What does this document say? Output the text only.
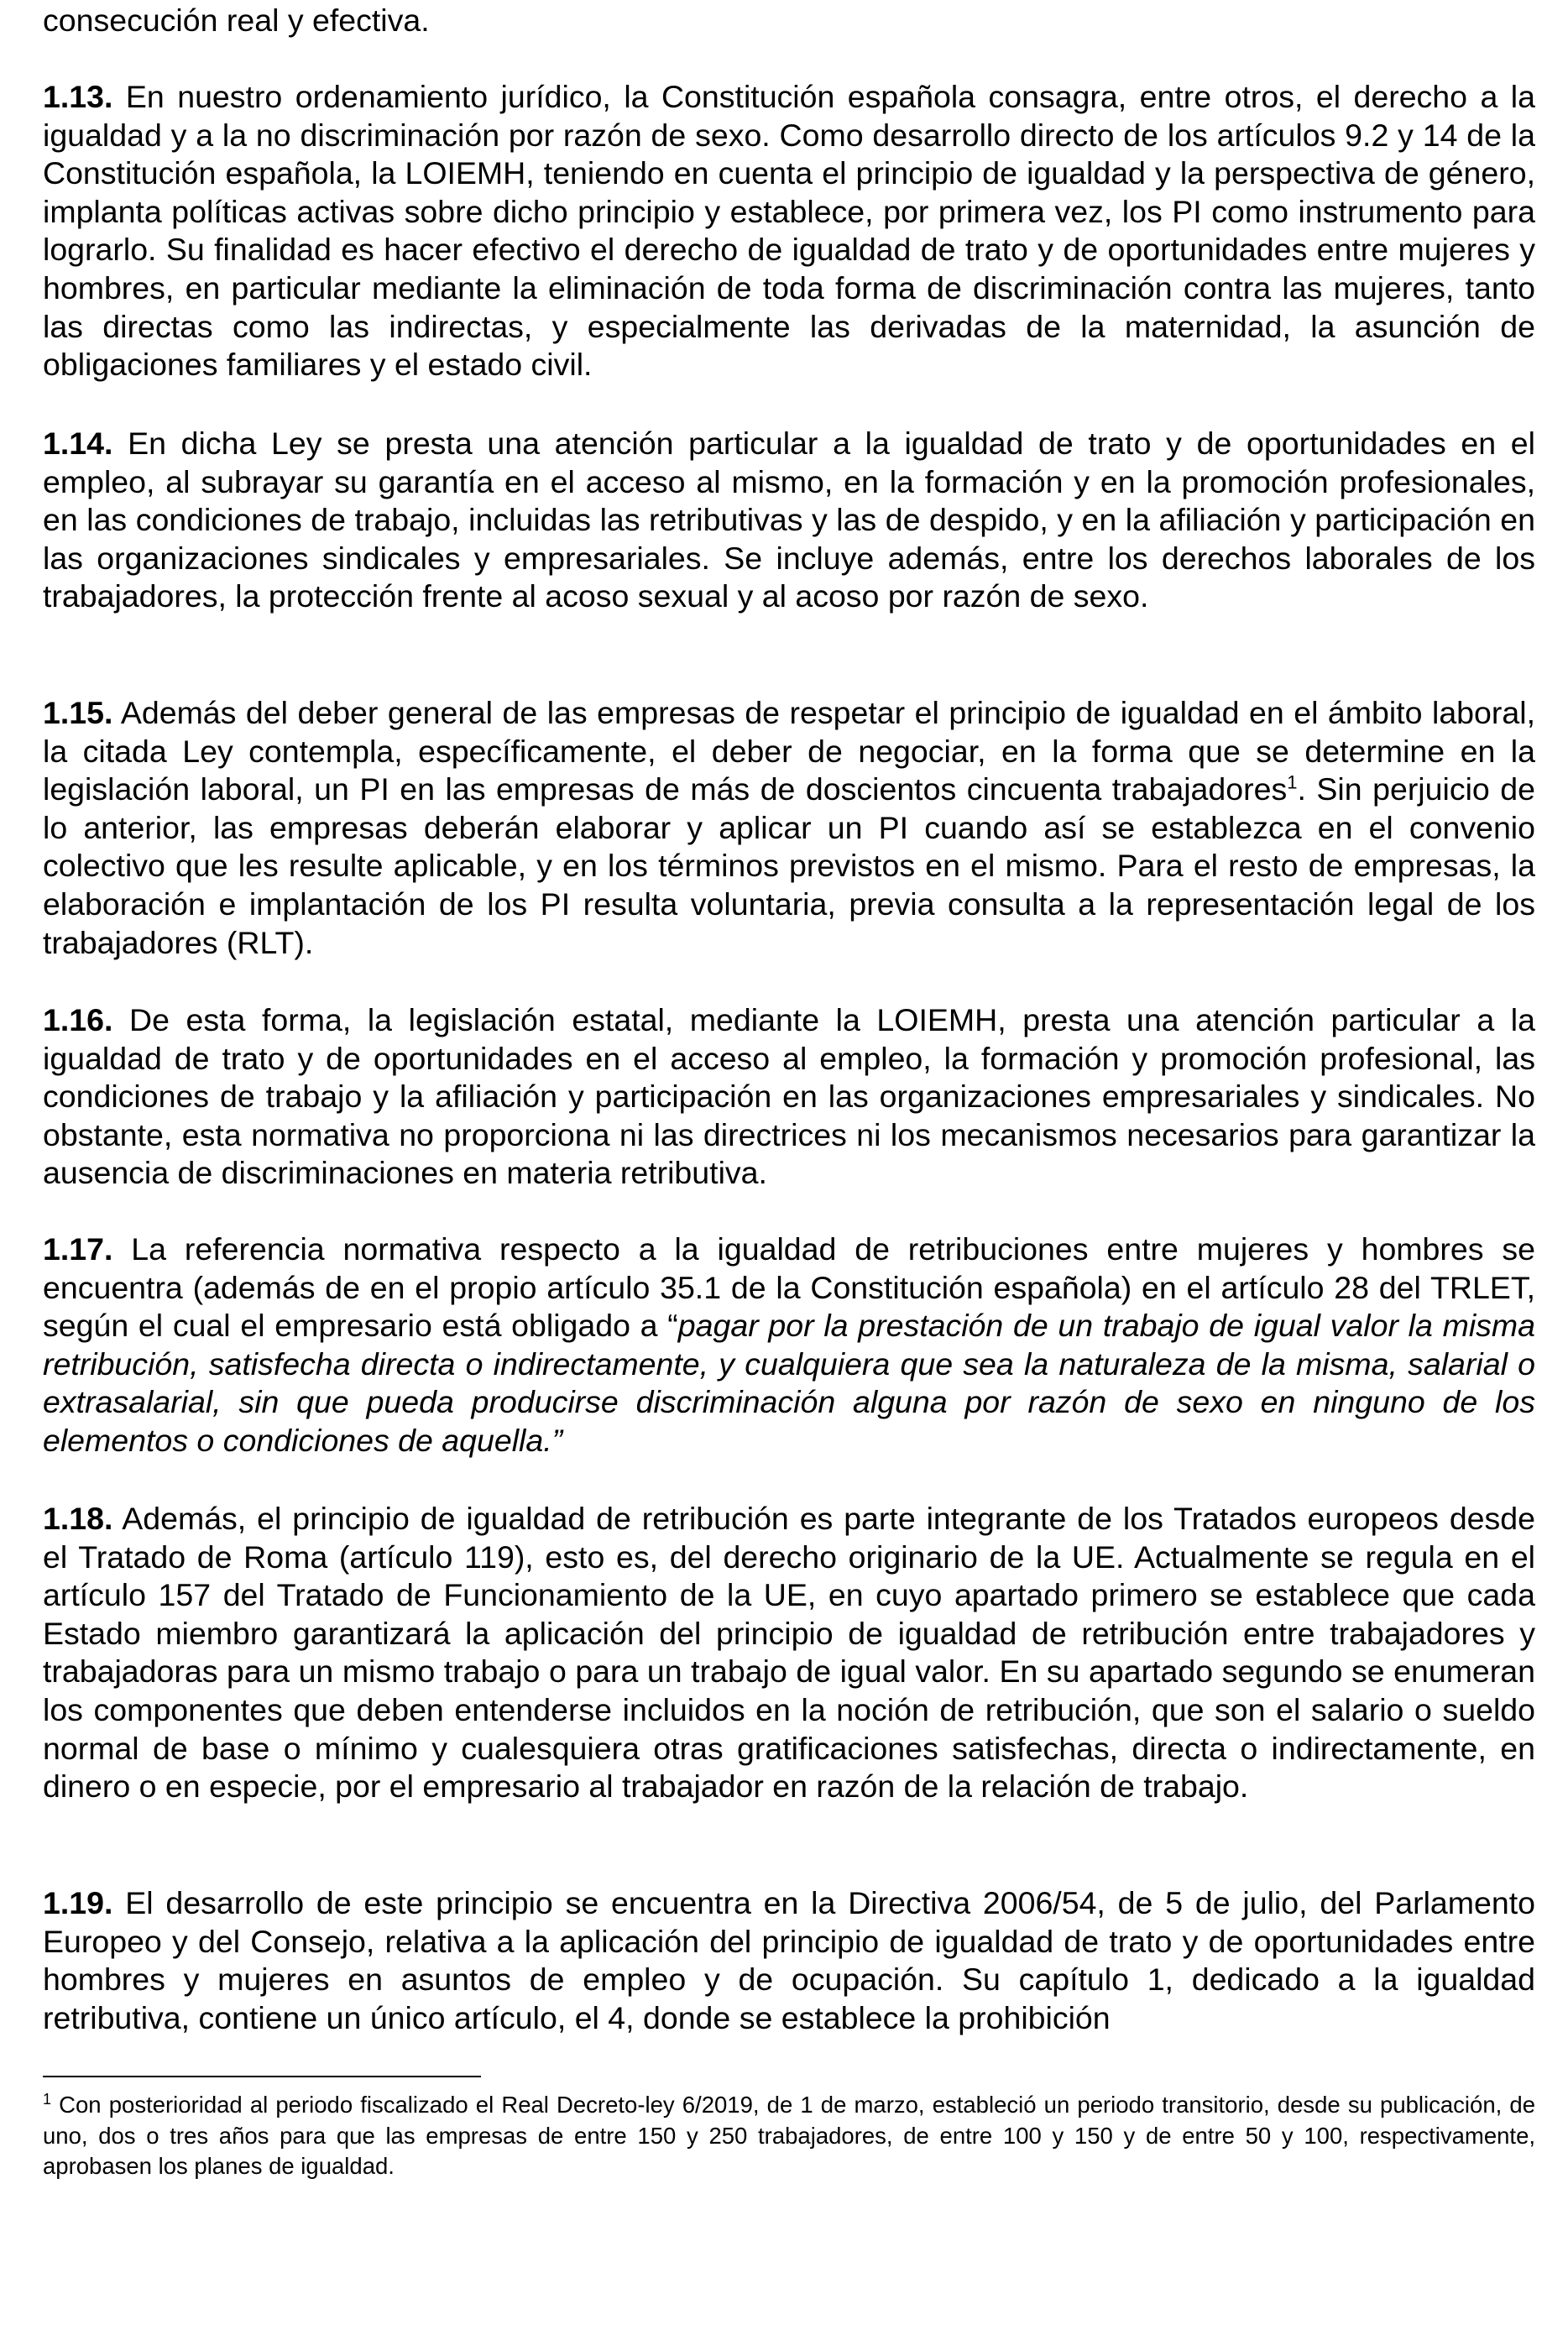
consecución real y efectiva.

1.13. En nuestro ordenamiento jurídico, la Constitución española consagra, entre otros, el derecho a la igualdad y a la no discriminación por razón de sexo. Como desarrollo directo de los artículos 9.2 y 14 de la Constitución española, la LOIEMH, teniendo en cuenta el principio de igualdad y la perspectiva de género, implanta políticas activas sobre dicho principio y establece, por primera vez, los PI como instrumento para lograrlo. Su finalidad es hacer efectivo el derecho de igualdad de trato y de oportunidades entre mujeres y hombres, en particular mediante la eliminación de toda forma de discriminación contra las mujeres, tanto las directas como las indirectas, y especialmente las derivadas de la maternidad, la asunción de obligaciones familiares y el estado civil.

1.14. En dicha Ley se presta una atención particular a la igualdad de trato y de oportunidades en el empleo, al subrayar su garantía en el acceso al mismo, en la formación y en la promoción profesionales, en las condiciones de trabajo, incluidas las retributivas y las de despido, y en la afiliación y participación en las organizaciones sindicales y empresariales. Se incluye además, entre los derechos laborales de los trabajadores, la protección frente al acoso sexual y al acoso por razón de sexo.

1.15. Además del deber general de las empresas de respetar el principio de igualdad en el ámbito laboral, la citada Ley contempla, específicamente, el deber de negociar, en la forma que se determine en la legislación laboral, un PI en las empresas de más de doscientos cincuenta trabajadores$^1$. Sin perjuicio de lo anterior, las empresas deberán elaborar y aplicar un PI cuando así se establezca en el convenio colectivo que les resulte aplicable, y en los términos previstos en el mismo. Para el resto de empresas, la elaboración e implantación de los PI resulta voluntaria, previa consulta a la representación legal de los trabajadores (RLT).

1.16. De esta forma, la legislación estatal, mediante la LOIEMH, presta una atención particular a la igualdad de trato y de oportunidades en el acceso al empleo, la formación y promoción profesional, las condiciones de trabajo y la afiliación y participación en las organizaciones empresariales y sindicales. No obstante, esta normativa no proporciona ni las directrices ni los mecanismos necesarios para garantizar la ausencia de discriminaciones en materia retributiva.

1.17. La referencia normativa respecto a la igualdad de retribuciones entre mujeres y hombres se encuentra (además de en el propio artículo 35.1 de la Constitución española) en el artículo 28 del TRLET, según el cual el empresario está obligado a “pagar por la prestación de un trabajo de igual valor la misma retribución, satisfecha directa o indirectamente, y cualquiera que sea la naturaleza de la misma, salarial o extrasalarial, sin que pueda producirse discriminación alguna por razón de sexo en ninguno de los elementos o condiciones de aquella.”

1.18. Además, el principio de igualdad de retribución es parte integrante de los Tratados europeos desde el Tratado de Roma (artículo 119), esto es, del derecho originario de la UE. Actualmente se regula en el artículo 157 del Tratado de Funcionamiento de la UE, en cuyo apartado primero se establece que cada Estado miembro garantizará la aplicación del principio de igualdad de retribución entre trabajadores y trabajadoras para un mismo trabajo o para un trabajo de igual valor. En su apartado segundo se enumeran los componentes que deben entenderse incluidos en la noción de retribución, que son el salario o sueldo normal de base o mínimo y cualesquiera otras gratificaciones satisfechas, directa o indirectamente, en dinero o en especie, por el empresario al trabajador en razón de la relación de trabajo.

1.19. El desarrollo de este principio se encuentra en la Directiva 2006/54, de 5 de julio, del Parlamento Europeo y del Consejo, relativa a la aplicación del principio de igualdad de trato y de oportunidades entre hombres y mujeres en asuntos de empleo y de ocupación. Su capítulo 1, dedicado a la igualdad retributiva, contiene un único artículo, el 4, donde se establece la prohibición

$^1$ Con posterioridad al periodo fiscalizado el Real Decreto-ley 6/2019, de 1 de marzo, estableció un periodo transitorio, desde su publicación, de uno, dos o tres años para que las empresas de entre 150 y 250 trabajadores, de entre 100 y 150 y de entre 50 y 100, respectivamente, aprobasen los planes de igualdad.
